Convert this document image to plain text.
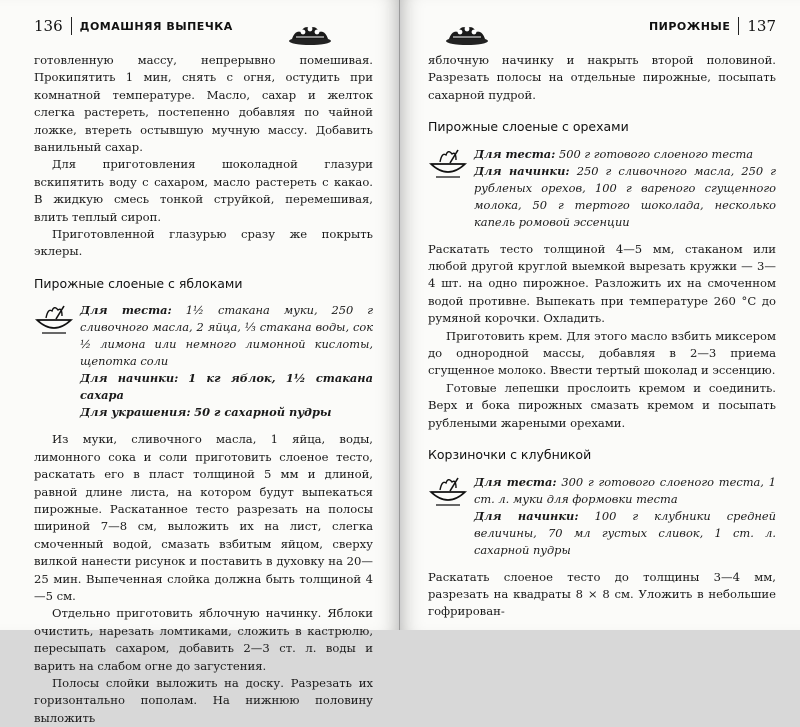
136 ДОМАШНЯЯ ВЫПЕЧКА

готовленную массу, непрерывно помешивая. Прокипятить 1 мин, снять с огня, остудить при комнатной температуре. Масло, сахар и желток слегка растереть, постепенно добавляя по чайной ложке, втереть остывшую мучную массу. Добавить ванильный сахар.

Для приготовления шоколадной глазури вскипятить воду с сахаром, масло растереть с какао. В жидкую смесь тонкой струйкой, перемешивая, влить теплый сироп.

Приготовленной глазурью сразу же покрыть эклеры.

Пирожные слоеные с яблоками
Для теста: 1½ стакана муки, 250 г сливочного масла, 2 яйца, ⅓ стакана воды, сок ½ лимона или немного лимонной кислоты, щепотка соли
Для начинки: 1 кг яблок, 1½ стакана сахара
Для украшения: 50 г сахарной пудры

Из муки, сливочного масла, 1 яйца, воды, лимонного сока и соли приготовить слоеное тесто, раскатать его в пласт толщиной 5 мм и длиной, равной длине листа, на котором будут выпекаться пирожные. Раскатанное тесто разрезать на полосы шириной 7—8 см, выложить их на лист, слегка смоченный водой, смазать взбитым яйцом, сверху вилкой нанести рисунок и поставить в духовку на 20—25 мин. Выпеченная слойка должна быть толщиной 4—5 см.

Отдельно приготовить яблочную начинку. Яблоки очистить, нарезать ломтиками, сложить в кастрюлю, пересыпать сахаром, добавить 2—3 ст. л. воды и варить на слабом огне до загустения.

Полосы слойки выложить на доску. Разрезать их горизонтально пополам. На нижнюю половину выложить

ПИРОЖНЫЕ 137

яблочную начинку и накрыть второй половиной. Разрезать полосы на отдельные пирожные, посыпать сахарной пудрой.

Пирожные слоеные с орехами
Для теста: 500 г готового слоеного теста
Для начинки: 250 г сливочного масла, 250 г рубленых орехов, 100 г вареного сгущенного молока, 50 г тертого шоколада, несколько капель ромовой эссенции

Раскатать тесто толщиной 4—5 мм, стаканом или любой другой круглой выемкой вырезать кружки — 3—4 шт. на одно пирожное. Разложить их на смоченном водой противне. Выпекать при температуре 260 °С до румяной корочки. Охладить.

Приготовить крем. Для этого масло взбить миксером до однородной массы, добавляя в 2—3 приема сгущенное молоко. Ввести тертый шоколад и эссенцию.

Готовые лепешки прослоить кремом и соединить. Верх и бока пирожных смазать кремом и посыпать рублеными жареными орехами.

Корзиночки с клубникой
Для теста: 300 г готового слоеного теста, 1 ст. л. муки для формовки теста
Для начинки: 100 г клубники средней величины, 70 мл густых сливок, 1 ст. л. сахарной пудры

Раскатать слоеное тесто до толщины 3—4 мм, разрезать на квадраты 8 × 8 см. Уложить в небольшие гофрирован-
